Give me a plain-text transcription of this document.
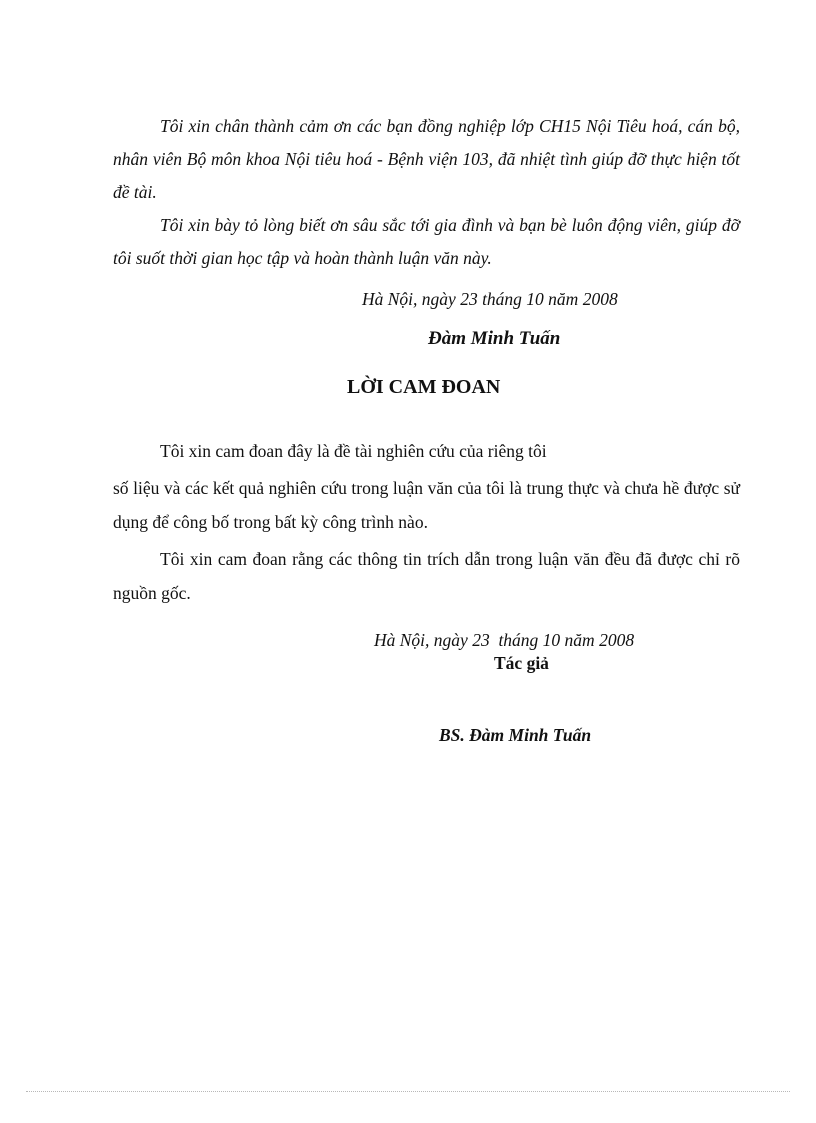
Tôi xin chân thành cảm ơn các bạn đồng nghiệp lớp CH15 Nội Tiêu hoá, cán bộ, nhân viên Bộ môn khoa Nội tiêu hoá - Bệnh viện 103, đã nhiệt tình giúp đỡ thực hiện tốt đề tài.

Tôi xin bày tỏ lòng biết ơn sâu sắc tới gia đình và bạn bè luôn động viên, giúp đỡ tôi suốt thời gian học tập và hoàn thành luận văn này.

Hà Nội, ngày 23 tháng 10 năm 2008
Đàm Minh Tuấn
LỜI CAM ĐOAN

Tôi xin cam đoan đây là đề tài nghiên cứu của riêng tôi

số liệu và các kết quả nghiên cứu trong luận văn của tôi là trung thực và chưa hề được sử dụng để công bố trong bất kỳ công trình nào.

Tôi xin cam đoan rằng các thông tin trích dẫn trong luận văn đều đã được chỉ rõ nguồn gốc.

Hà Nội, ngày 23  tháng 10 năm 2008
Tác giả
BS. Đàm Minh Tuấn
